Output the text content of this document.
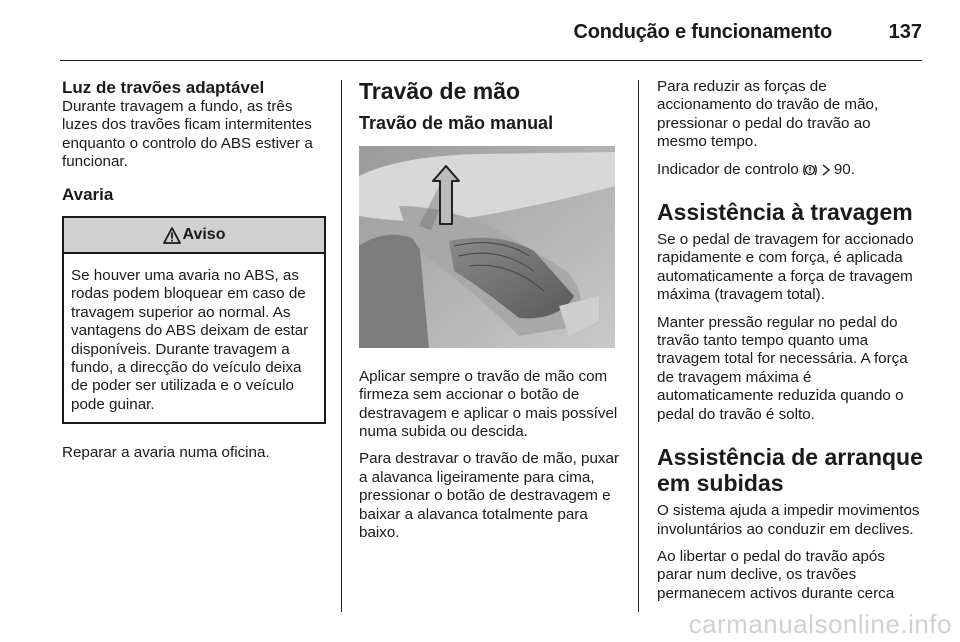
Condução e funcionamento	137
Luz de travões adaptável

Durante travagem a fundo, as três luzes dos travões ficam intermitentes enquanto o controlo do ABS estiver a funcionar.

Avaria
Aviso
Se houver uma avaria no ABS, as rodas podem bloquear em caso de travagem superior ao normal. As vantagens do ABS deixam de estar disponíveis. Durante travagem a fundo, a direcção do veículo deixa de poder ser utilizada e o veículo pode guinar.

Reparar a avaria numa oficina.

Travão de mão
Travão de mão manual

Aplicar sempre o travão de mão com firmeza sem accionar o botão de destravagem e aplicar o mais possível numa subida ou descida.

Para destravar o travão de mão, puxar a alavanca ligeiramente para cima, pressionar o botão de destravagem e baixar a alavanca totalmente para baixo.

Para reduzir as forças de accionamento do travão de mão, pressionar o pedal do travão ao mesmo tempo.

Indicador de controlo 90.

Assistência à travagem

Se o pedal de travagem for accionado rapidamente e com força, é aplicada automaticamente a força de travagem máxima (travagem total).

Manter pressão regular no pedal do travão tanto tempo quanto uma travagem total for necessária. A força de travagem máxima é automaticamente reduzida quando o pedal do travão é solto.

Assistência de arranque em subidas

O sistema ajuda a impedir movimentos involuntários ao conduzir em declives.

Ao libertar o pedal do travão após parar num declive, os travões permanecem activos durante cerca

carmanualsonline.info
